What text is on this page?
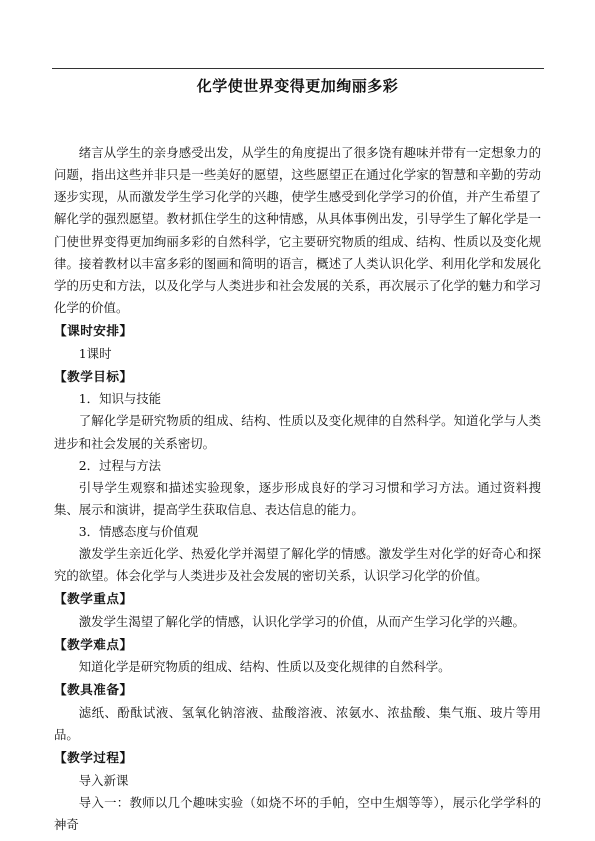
化学使世界变得更加绚丽多彩

绪言从学生的亲身感受出发，从学生的角度提出了很多饶有趣味并带有一定想象力的问题，指出这些并非只是一些美好的愿望，这些愿望正在通过化学家的智慧和辛勤的劳动逐步实现，从而激发学生学习化学的兴趣，使学生感受到化学学习的价值，并产生希望了解化学的强烈愿望。教材抓住学生的这种情感，从具体事例出发，引导学生了解化学是一门使世界变得更加绚丽多彩的自然科学，它主要研究物质的组成、结构、性质以及变化规律。接着教材以丰富多彩的图画和简明的语言，概述了人类认识化学、利用化学和发展化学的历史和方法，以及化学与人类进步和社会发展的关系，再次展示了化学的魅力和学习化学的价值。

【课时安排】

1课时

【教学目标】

1．知识与技能

了解化学是研究物质的组成、结构、性质以及变化规律的自然科学。知道化学与人类进步和社会发展的关系密切。

2．过程与方法

引导学生观察和描述实验现象，逐步形成良好的学习习惯和学习方法。通过资料搜集、展示和演讲，提高学生获取信息、表达信息的能力。

3．情感态度与价值观

激发学生亲近化学、热爱化学并渴望了解化学的情感。激发学生对化学的好奇心和探究的欲望。体会化学与人类进步及社会发展的密切关系，认识学习化学的价值。

【教学重点】

激发学生渴望了解化学的情感，认识化学学习的价值，从而产生学习化学的兴趣。

【教学难点】

知道化学是研究物质的组成、结构、性质以及变化规律的自然科学。

【教具准备】

滤纸、酚酞试液、氢氧化钠溶液、盐酸溶液、浓氨水、浓盐酸、集气瓶、玻片等用品。

【教学过程】

导入新课

导入一：教师以几个趣味实验（如烧不坏的手帕，空中生烟等等），展示化学学科的神奇
